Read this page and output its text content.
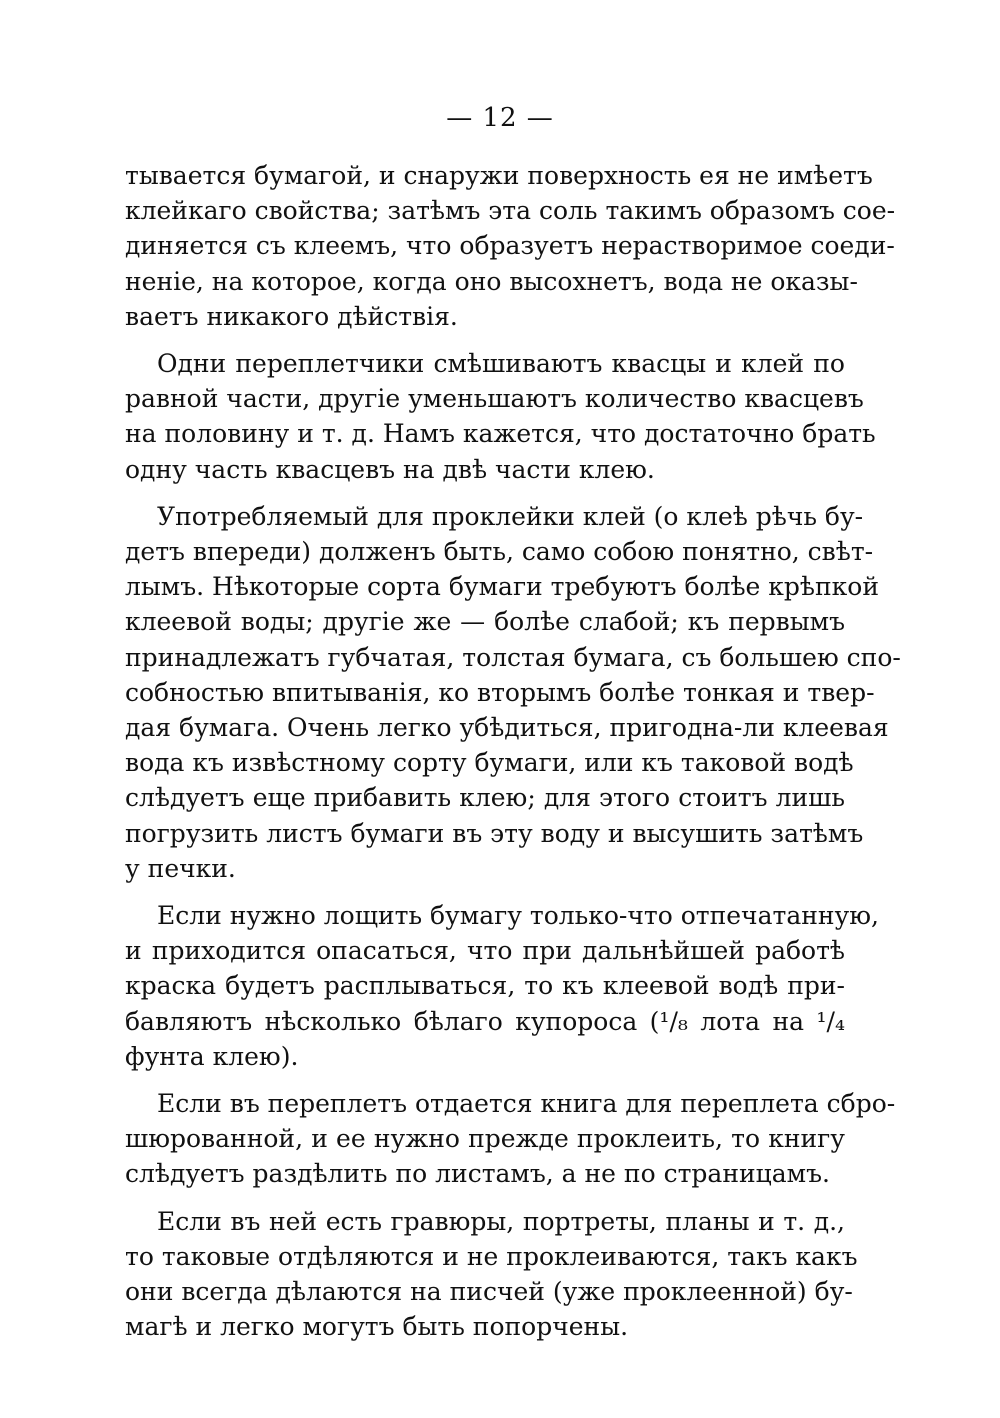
— 12 —
тывается бумагой, и снаружи поверхность ея не имѣетъ
клейкаго свойства; затѣмъ эта соль такимъ образомъ сое-
диняется съ клеемъ, что образуетъ нерастворимое соеди-
неніе, на которое, когда оно высохнетъ, вода не оказы-
ваетъ никакого дѣйствія.
Одни переплетчики смѣшиваютъ квасцы и клей по
равной части, другіе уменьшаютъ количество квасцевъ
на половину и т. д. Намъ кажется, что достаточно брать
одну часть квасцевъ на двѣ части клею.
Употребляемый для проклейки клей (о клеѣ рѣчь бу-
детъ впереди) долженъ быть, само собою понятно, свѣт-
лымъ. Нѣкоторые сорта бумаги требуютъ болѣе крѣпкой
клеевой воды; другіе же — болѣе слабой; къ первымъ
принадлежатъ губчатая, толстая бумага, съ большею спо-
собностью впитыванія, ко вторымъ болѣе тонкая и твер-
дая бумага. Очень легко убѣдиться, пригодна-ли клеевая
вода къ извѣстному сорту бумаги, или къ таковой водѣ
слѣдуетъ еще прибавить клею; для этого стоитъ лишь
погрузить листъ бумаги въ эту воду и высушить затѣмъ
у печки.
Если нужно лощить бумагу только-что отпечатанную,
и приходится опасаться, что при дальнѣйшей работѣ
краска будетъ расплываться, то къ клеевой водѣ при-
бавляютъ нѣсколько бѣлаго купороса (¹/₈ лота на ¹/₄
фунта клею).
Если въ переплетъ отдается книга для переплета сбро-
шюрованной, и ее нужно прежде проклеить, то книгу
слѣдуетъ раздѣлить по листамъ, а не по страницамъ.
Если въ ней есть гравюры, портреты, планы и т. д.,
то таковые отдѣляются и не проклеиваются, такъ какъ
они всегда дѣлаются на писчей (уже проклеенной) бу-
магѣ и легко могутъ быть попорчены.
